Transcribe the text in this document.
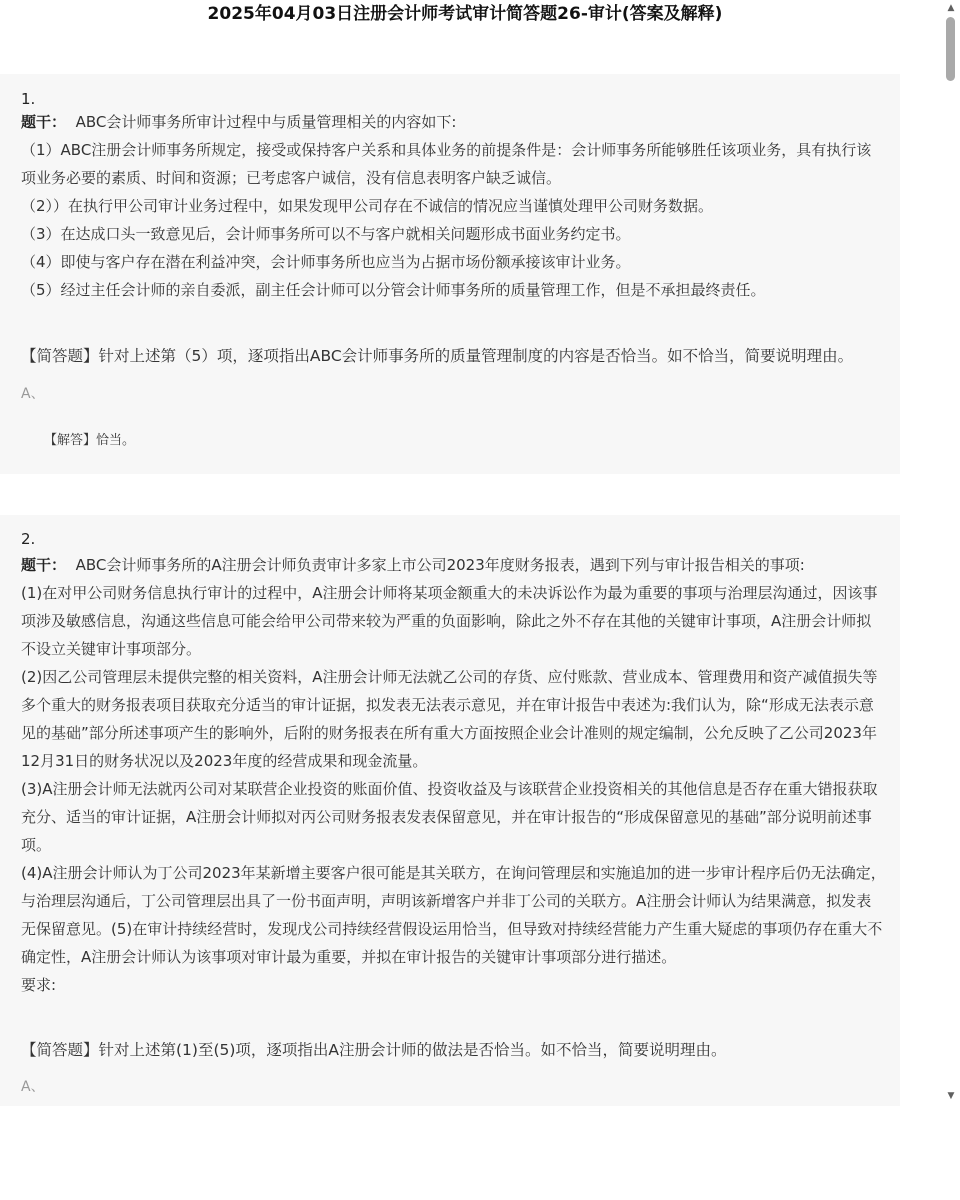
2025年04月03日注册会计师考试审计简答题26-审计(答案及解释)
1.
题干： ABC会计师事务所审计过程中与质量管理相关的内容如下:
（1）ABC注册会计师事务所规定，接受或保持客户关系和具体业务的前提条件是：会计师事务所能够胜任该项业务，具有执行该项业务必要的素质、时间和资源；已考虑客户诚信，没有信息表明客户缺乏诚信。
（2））在执行甲公司审计业务过程中，如果发现甲公司存在不诚信的情况应当谨慎处理甲公司财务数据。
（3）在达成口头一致意见后，会计师事务所可以不与客户就相关问题形成书面业务约定书。
（4）即使与客户存在潜在利益冲突，会计师事务所也应当为占据市场份额承接该审计业务。
（5）经过主任会计师的亲自委派，副主任会计师可以分管会计师事务所的质量管理工作，但是不承担最终责任。
【简答题】针对上述第（5）项，逐项指出ABC会计师事务所的质量管理制度的内容是否恰当。如不恰当，简要说明理由。
A、
【解答】恰当。
2.
题干： ABC会计师事务所的A注册会计师负责审计多家上市公司2023年度财务报表，遇到下列与审计报告相关的事项:
(1)在对甲公司财务信息执行审计的过程中，A注册会计师将某项金额重大的未决诉讼作为最为重要的事项与治理层沟通过，因该事项涉及敏感信息，沟通这些信息可能会给甲公司带来较为严重的负面影响，除此之外不存在其他的关键审计事项，A注册会计师拟不设立关键审计事项部分。
(2)因乙公司管理层未提供完整的相关资料，A注册会计师无法就乙公司的存货、应付账款、营业成本、管理费用和资产减值损失等多个重大的财务报表项目获取充分适当的审计证据，拟发表无法表示意见，并在审计报告中表述为:我们认为，除“形成无法表示意见的基础”部分所述事项产生的影响外，后附的财务报表在所有重大方面按照企业会计准则的规定编制，公允反映了乙公司2023年12月31日的财务状况以及2023年度的经营成果和现金流量。
(3)A注册会计师无法就丙公司对某联营企业投资的账面价值、投资收益及与该联营企业投资相关的其他信息是否存在重大错报获取充分、适当的审计证据，A注册会计师拟对丙公司财务报表发表保留意见，并在审计报告的“形成保留意见的基础”部分说明前述事项。
(4)A注册会计师认为丁公司2023年某新增主要客户很可能是其关联方，在询问管理层和实施追加的进一步审计程序后仍无法确定，与治理层沟通后，丁公司管理层出具了一份书面声明，声明该新增客户并非丁公司的关联方。A注册会计师认为结果满意，拟发表无保留意见。(5)在审计持续经营时，发现戊公司持续经营假设运用恰当，但导致对持续经营能力产生重大疑虑的事项仍存在重大不确定性，A注册会计师认为该事项对审计最为重要，并拟在审计报告的关键审计事项部分进行描述。
要求:
【简答题】针对上述第(1)至(5)项，逐项指出A注册会计师的做法是否恰当。如不恰当，简要说明理由。
A、
▲
▼
